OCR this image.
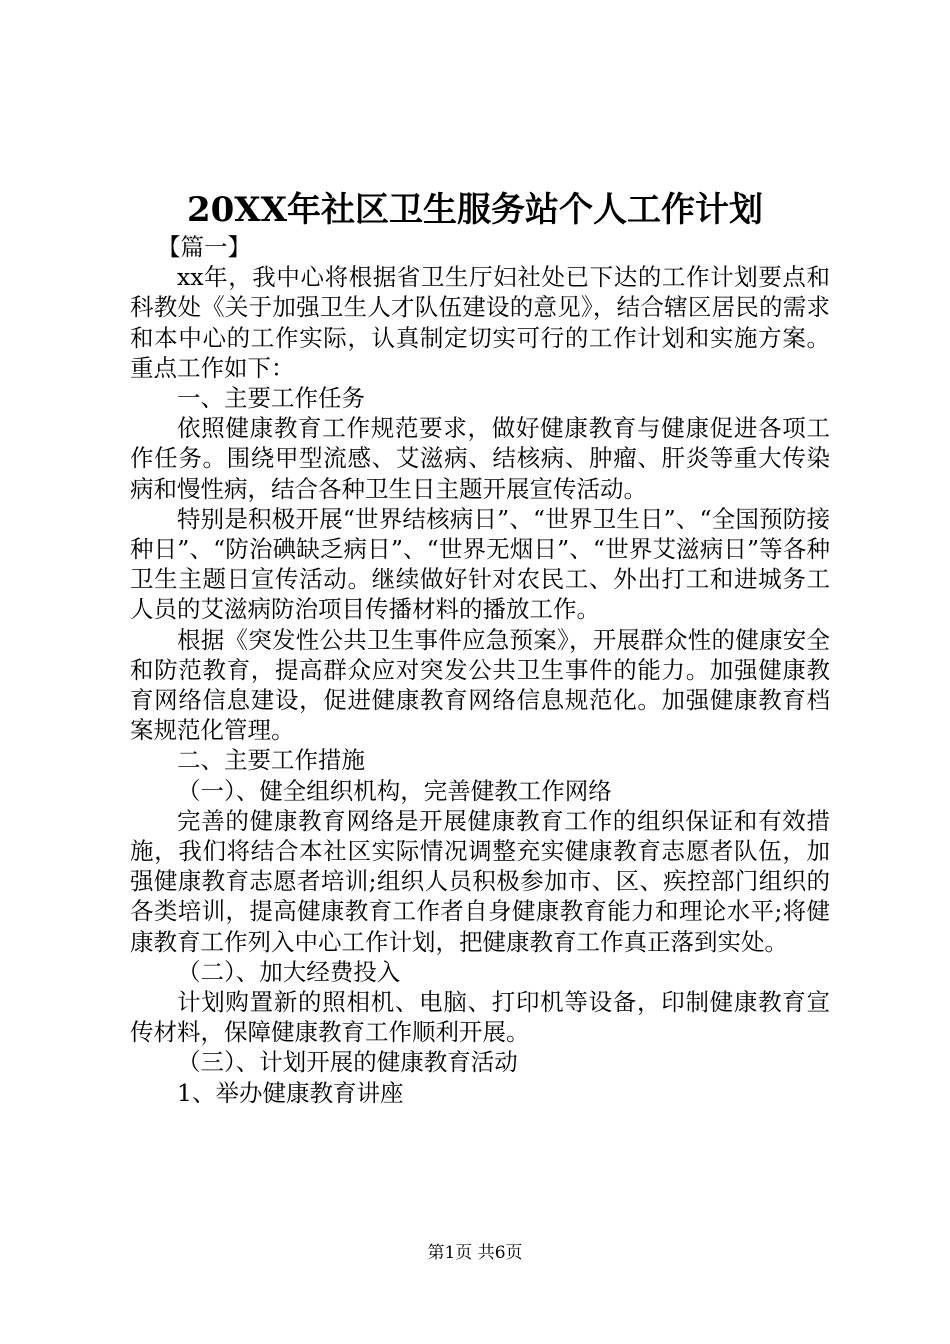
20XX年社区卫生服务站个人工作计划

【篇一】

xx年，我中心将根据省卫生厅妇社处已下达的工作计划要点和科教处《关于加强卫生人才队伍建设的意见》，结合辖区居民的需求和本中心的工作实际，认真制定切实可行的工作计划和实施方案。重点工作如下：

一、主要工作任务

依照健康教育工作规范要求，做好健康教育与健康促进各项工作任务。围绕甲型流感、艾滋病、结核病、肿瘤、肝炎等重大传染病和慢性病，结合各种卫生日主题开展宣传活动。

特别是积极开展“世界结核病日”、“世界卫生日”、“全国预防接种日”、“防治碘缺乏病日”、“世界无烟日”、“世界艾滋病日”等各种卫生主题日宣传活动。继续做好针对农民工、外出打工和进城务工人员的艾滋病防治项目传播材料的播放工作。

根据《突发性公共卫生事件应急预案》，开展群众性的健康安全和防范教育，提高群众应对突发公共卫生事件的能力。加强健康教育网络信息建设，促进健康教育网络信息规范化。加强健康教育档案规范化管理。

二、主要工作措施

（一）、健全组织机构，完善健教工作网络

完善的健康教育网络是开展健康教育工作的组织保证和有效措施，我们将结合本社区实际情况调整充实健康教育志愿者队伍，加强健康教育志愿者培训;组织人员积极参加市、区、疾控部门组织的各类培训，提高健康教育工作者自身健康教育能力和理论水平;将健康教育工作列入中心工作计划，把健康教育工作真正落到实处。

（二）、加大经费投入

计划购置新的照相机、电脑、打印机等设备，印制健康教育宣传材料，保障健康教育工作顺利开展。

（三）、计划开展的健康教育活动

1、举办健康教育讲座

第1页 共6页
